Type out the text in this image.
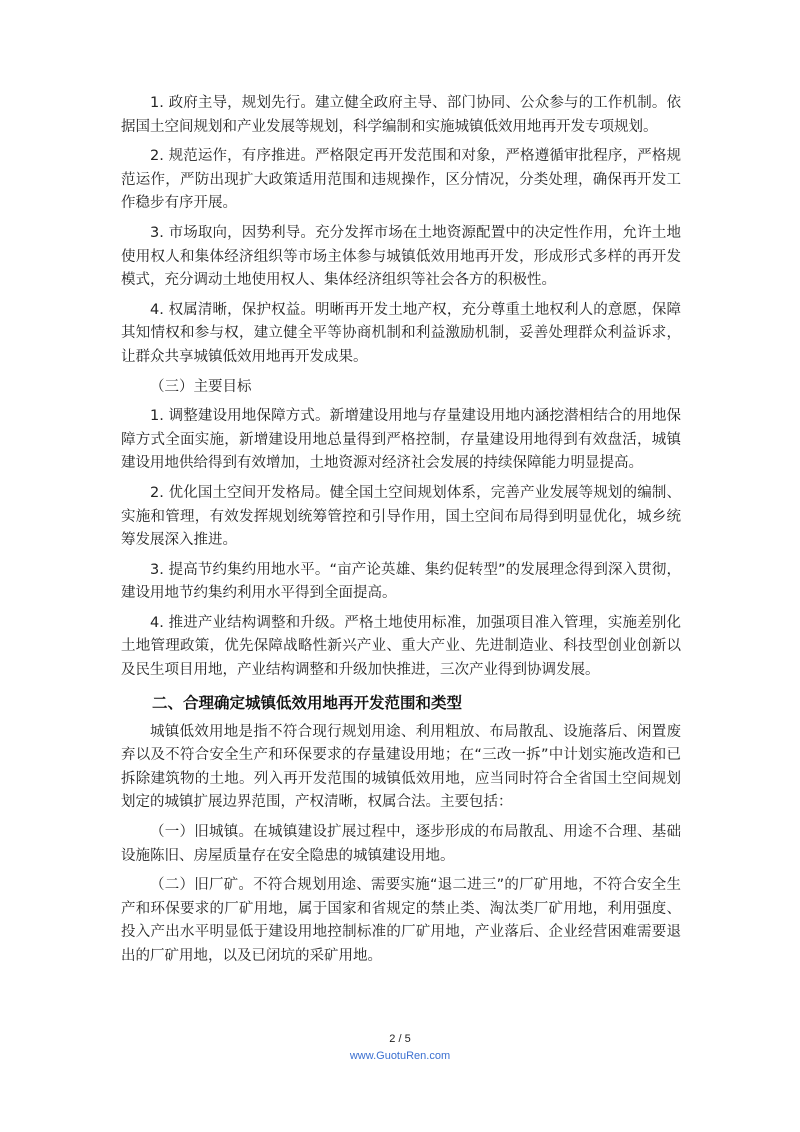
1. 政府主导，规划先行。建立健全政府主导、部门协同、公众参与的工作机制。依据国土空间规划和产业发展等规划，科学编制和实施城镇低效用地再开发专项规划。

2. 规范运作，有序推进。严格限定再开发范围和对象，严格遵循审批程序，严格规范运作，严防出现扩大政策适用范围和违规操作，区分情况，分类处理，确保再开发工作稳步有序开展。

3. 市场取向，因势利导。充分发挥市场在土地资源配置中的决定性作用，允许土地使用权人和集体经济组织等市场主体参与城镇低效用地再开发，形成形式多样的再开发模式，充分调动土地使用权人、集体经济组织等社会各方的积极性。

4. 权属清晰，保护权益。明晰再开发土地产权，充分尊重土地权利人的意愿，保障其知情权和参与权，建立健全平等协商机制和利益激励机制，妥善处理群众利益诉求，让群众共享城镇低效用地再开发成果。

（三）主要目标

1. 调整建设用地保障方式。新增建设用地与存量建设用地内涵挖潜相结合的用地保障方式全面实施，新增建设用地总量得到严格控制，存量建设用地得到有效盘活，城镇建设用地供给得到有效增加，土地资源对经济社会发展的持续保障能力明显提高。

2. 优化国土空间开发格局。健全国土空间规划体系，完善产业发展等规划的编制、实施和管理，有效发挥规划统筹管控和引导作用，国土空间布局得到明显优化，城乡统筹发展深入推进。

3. 提高节约集约用地水平。“亩产论英雄、集约促转型”的发展理念得到深入贯彻，建设用地节约集约利用水平得到全面提高。

4. 推进产业结构调整和升级。严格土地使用标准，加强项目准入管理，实施差别化土地管理政策，优先保障战略性新兴产业、重大产业、先进制造业、科技型创业创新以及民生项目用地，产业结构调整和升级加快推进，三次产业得到协调发展。

二、合理确定城镇低效用地再开发范围和类型

城镇低效用地是指不符合现行规划用途、利用粗放、布局散乱、设施落后、闲置废弃以及不符合安全生产和环保要求的存量建设用地；在“三改一拆”中计划实施改造和已拆除建筑物的土地。列入再开发范围的城镇低效用地，应当同时符合全省国土空间规划划定的城镇扩展边界范围，产权清晰，权属合法。主要包括：

（一）旧城镇。在城镇建设扩展过程中，逐步形成的布局散乱、用途不合理、基础设施陈旧、房屋质量存在安全隐患的城镇建设用地。

（二）旧厂矿。不符合规划用途、需要实施“退二进三”的厂矿用地，不符合安全生产和环保要求的厂矿用地，属于国家和省规定的禁止类、淘汰类厂矿用地，利用强度、投入产出水平明显低于建设用地控制标准的厂矿用地，产业落后、企业经营困难需要退出的厂矿用地，以及已闭坑的采矿用地。

2 / 5
www.GuotuRen.com
